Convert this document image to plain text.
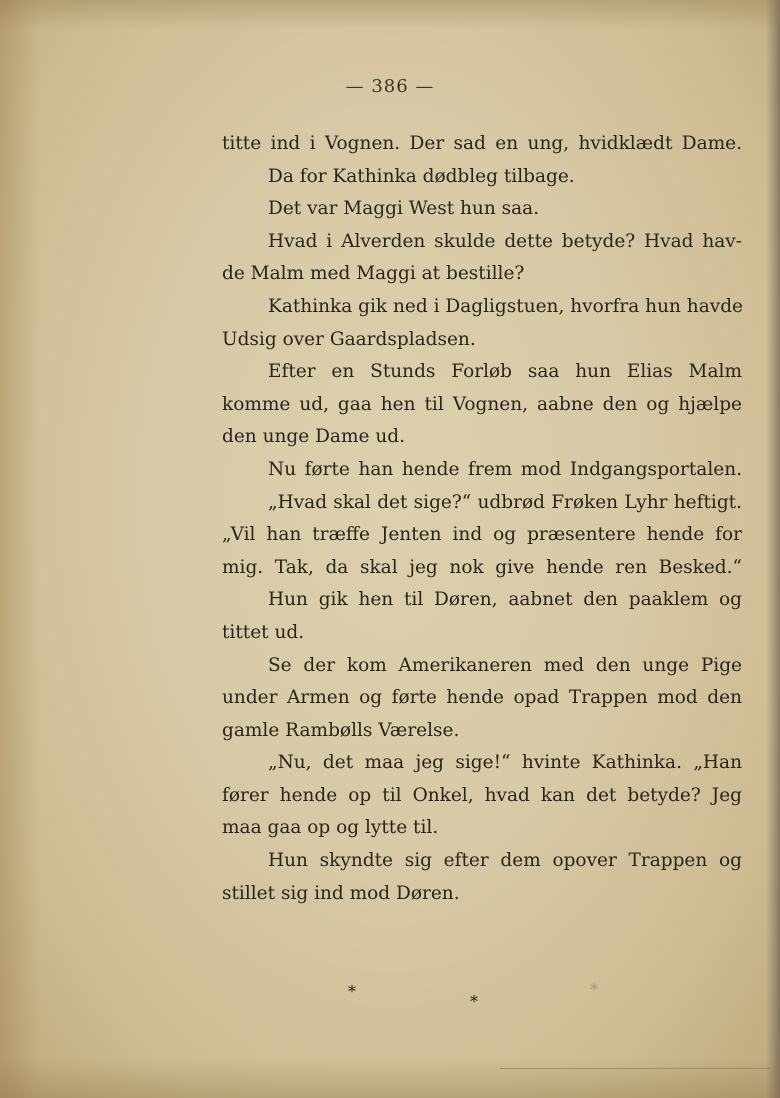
— 386 —
titte ind i Vognen. Der sad en ung, hvidklædt Dame.
Da for Kathinka dødbleg tilbage.
Det var Maggi West hun saa.
Hvad i Alverden skulde dette betyde? Hvad hav-
de Malm med Maggi at bestille?
Kathinka gik ned i Dagligstuen, hvorfra hun havde
Udsig over Gaardspladsen.
Efter en Stunds Forløb saa hun Elias Malm
komme ud, gaa hen til Vognen, aabne den og hjælpe
den unge Dame ud.
Nu førte han hende frem mod Indgangsportalen.
„Hvad skal det sige?“ udbrød Frøken Lyhr heftigt.
„Vil han træffe Jenten ind og præsentere hende for
mig. Tak, da skal jeg nok give hende ren Besked.“
Hun gik hen til Døren, aabnet den paaklem og
tittet ud.
Se der kom Amerikaneren med den unge Pige
under Armen og førte hende opad Trappen mod den
gamle Rambølls Værelse.
„Nu, det maa jeg sige!“ hvinte Kathinka. „Han
fører hende op til Onkel, hvad kan det betyde? Jeg
maa gaa op og lytte til.
Hun skyndte sig efter dem opover Trappen og
stillet sig ind mod Døren.
*
*
*
